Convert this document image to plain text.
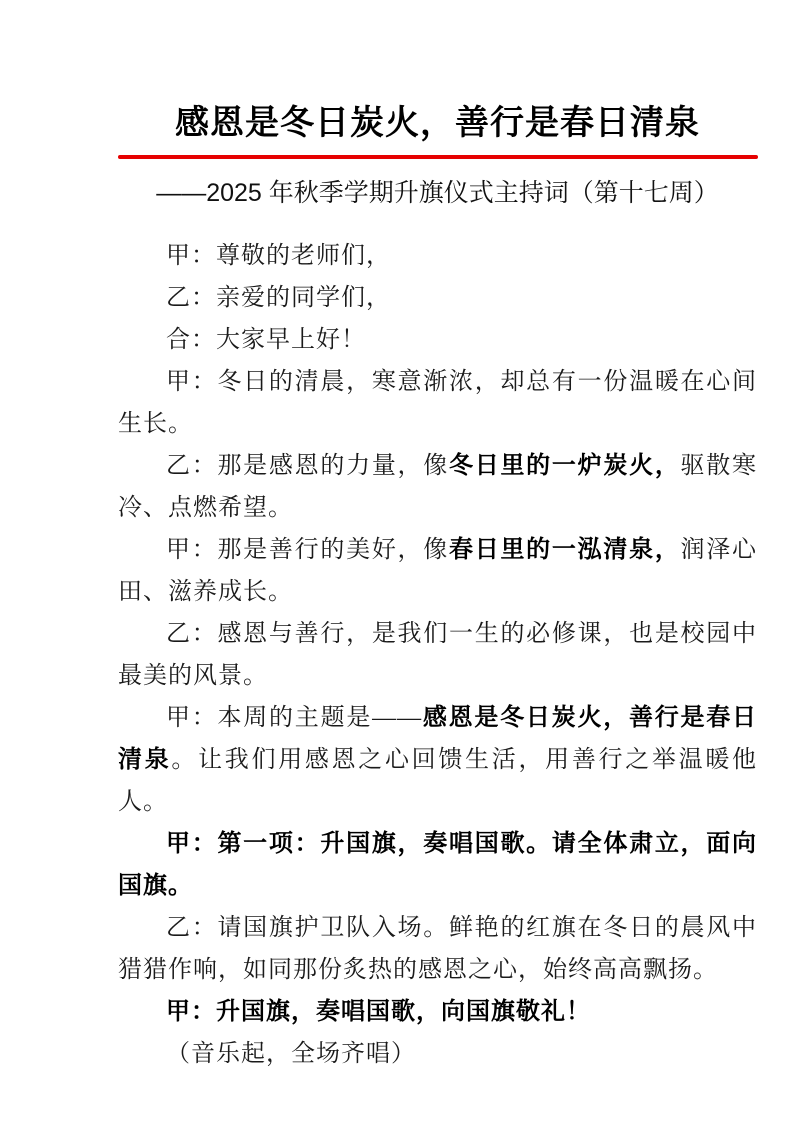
感恩是冬日炭火，善行是春日清泉
——2025 年秋季学期升旗仪式主持词（第十七周）

甲：尊敬的老师们，

乙：亲爱的同学们，

合：大家早上好！

甲：冬日的清晨，寒意渐浓，却总有一份温暖在心间生长。

乙：那是感恩的力量，像冬日里的一炉炭火，驱散寒冷、点燃希望。

甲：那是善行的美好，像春日里的一泓清泉，润泽心田、滋养成长。

乙：感恩与善行，是我们一生的必修课，也是校园中最美的风景。

甲：本周的主题是——感恩是冬日炭火，善行是春日清泉。让我们用感恩之心回馈生活，用善行之举温暖他人。

甲：第一项：升国旗，奏唱国歌。请全体肃立，面向国旗。

乙：请国旗护卫队入场。鲜艳的红旗在冬日的晨风中猎猎作响，如同那份炙热的感恩之心，始终高高飘扬。

甲：升国旗，奏唱国歌，向国旗敬礼！

（音乐起，全场齐唱）
